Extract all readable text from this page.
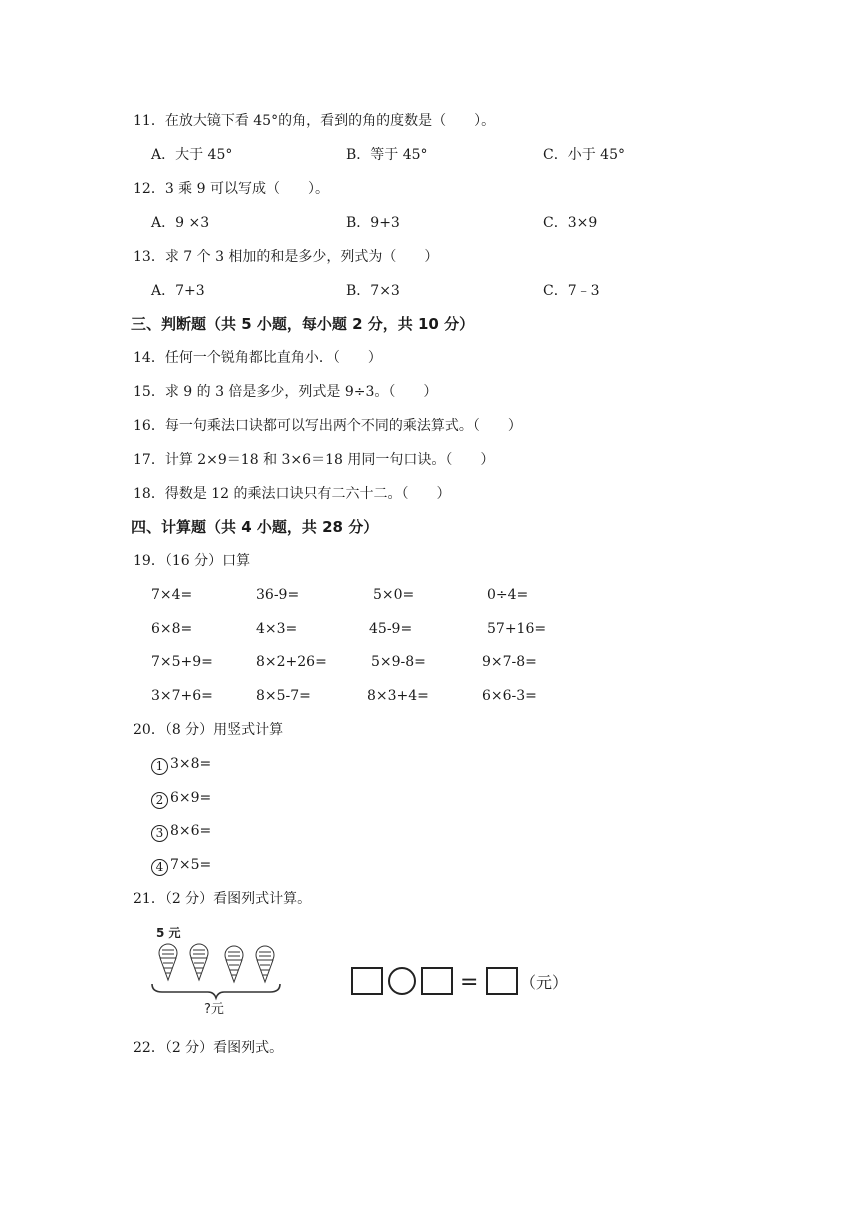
11．在放大镜下看 45°的角，看到的角的度数是（　　）。
A．大于 45°	B．等于 45°	C．小于 45°
12．3 乘 9 可以写成（　　）。
A．9 ×3	B．9+3	C．3×9
13．求 7 个 3 相加的和是多少，列式为（　　）
A．7+3	B．7×3	C．7﹣3
三、判断题（共 5 小题，每小题 2 分，共 10 分）
14．任何一个锐角都比直角小．（　　）
15．求 9 的 3 倍是多少，列式是 9÷3。（　　）
16．每一句乘法口诀都可以写出两个不同的乘法算式。（　　）
17．计算 2×9＝18 和 3×6＝18 用同一句口诀。（　　）
18．得数是 12 的乘法口诀只有二六十二。（　　）
四、计算题（共 4 小题，共 28 分）
19．（16 分）口算
7×4=	36-9=	5×0=	0÷4=
6×8=	4×3=	45-9=	57+16=
7×5+9=	8×2+26=	5×9-8=	9×7-8=
3×7+6=	8×5-7=	8×3+4=	6×6-3=
20．（8 分）用竖式计算
1 3×8=
2 6×9=
3 8×6=
4 7×5=
21．（2 分）看图列式计算。
5 元
?元
=	（元）
22．（2 分）看图列式。
